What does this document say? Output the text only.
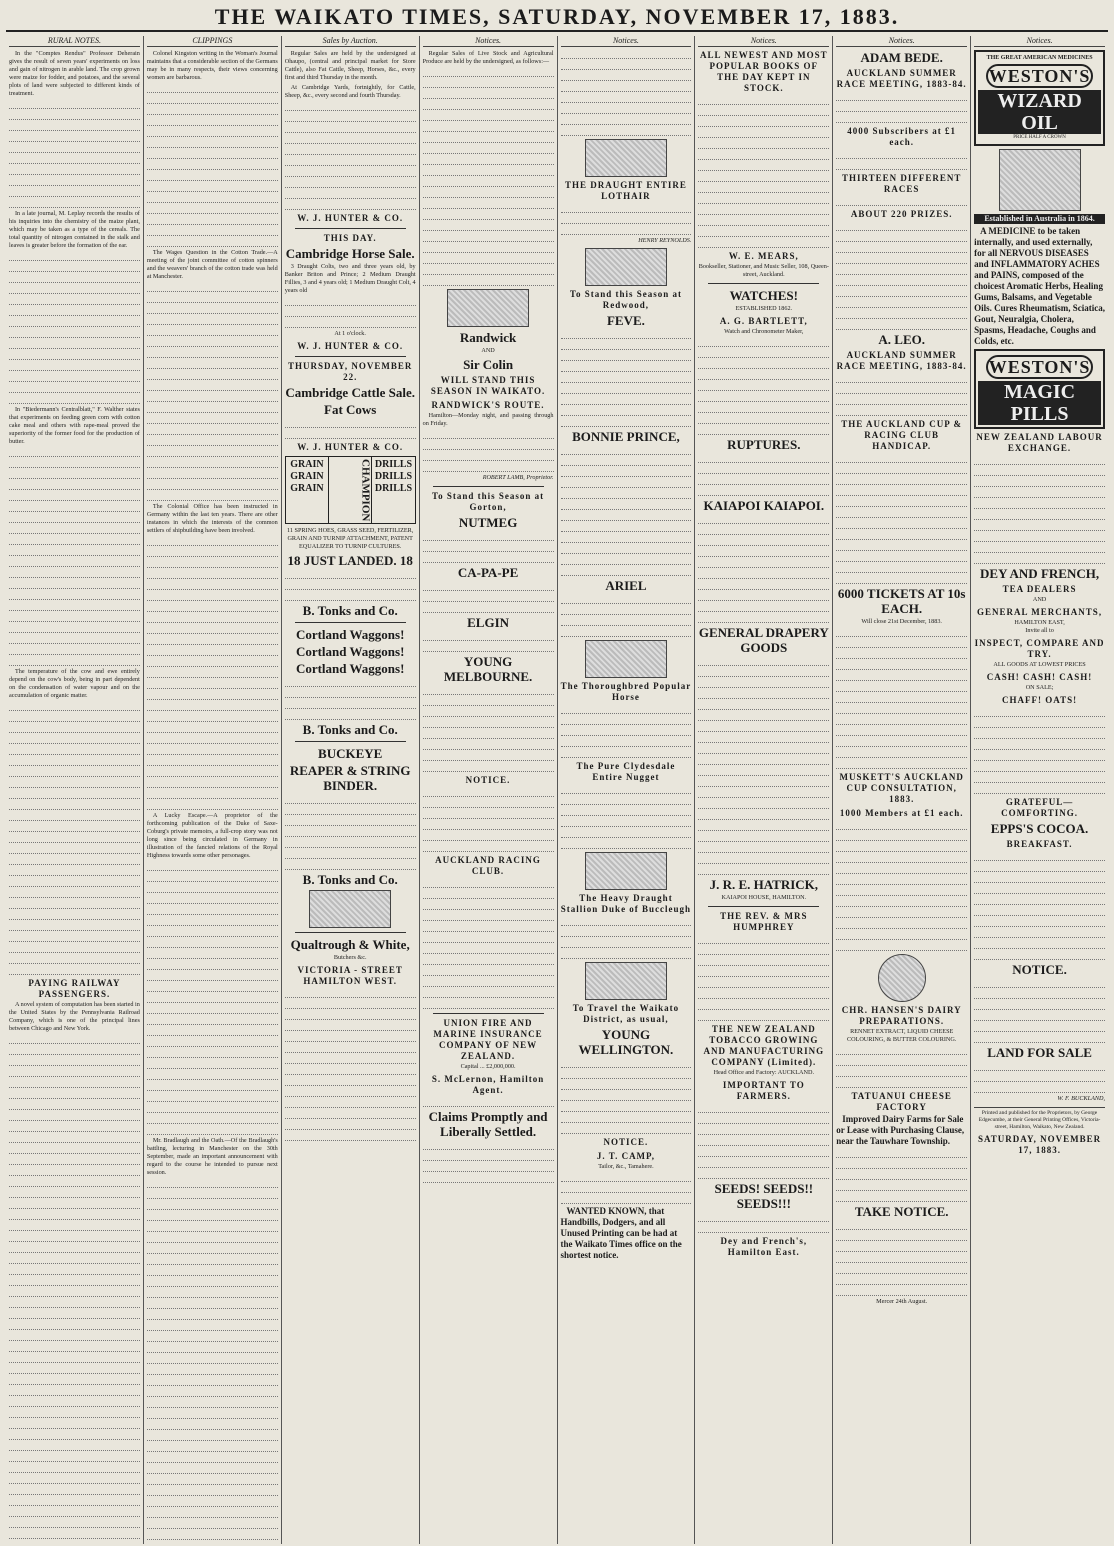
THE WAIKATO TIMES, SATURDAY, NOVEMBER 17, 1883.
RURAL NOTES.

In the "Comptes Rendus" Professor Deherain gives the result of seven years' experiments on loss and gain of nitrogen in arable land. The crop grown were maize for fodder, and potatoes, and the several plots of land were subjected to different kinds of treatment.

In a late journal, M. Leplay records the results of his inquiries into the chemistry of the maize plant, which may be taken as a type of the cereals. The total quantity of nitrogen contained in the stalk and leaves is greater before the formation of the ear.

In "Biedermann's Centralblatt," F. Walther states that experiments on feeding green corn with cotton cake meal and others with rape-meal proved the superiority of the former food for the production of butter.

The temperature of the cow and ewe entirely depend on the cow's body, being in part dependent on the condensation of water vapour and on the accumulation of organic matter.

PAYING RAILWAY PASSENGERS.

A novel system of computation has been started in the United States by the Pennsylvania Railroad Company, which is one of the principal lines between Chicago and New York.

CLIPPINGS

Colonel Kingston writing in the Woman's Journal maintains that a considerable section of the Germans may be in many respects, their views concerning women are barbarous.

The Wages Question in the Cotton Trade.—A meeting of the joint committee of cotton spinners and the weavers' branch of the cotton trade was held at Manchester.

The Colonial Office has been instructed in Germany within the last ten years. There are other instances in which the interests of the common settlers of shipbuilding have been involved.

A Lucky Escape.—A proprietor of the forthcoming publication of the Duke of Saxe-Coburg's private memoirs, a full-crop story was not long since being circulated in Germany in illustration of the fancied relations of the Royal Highness towards some other personages.

Mr. Bradlaugh and the Oath.—Of the Bradlaugh's battling, lecturing in Manchester on the 30th September, made an important announcement with regard to the course he intended to pursue next session.

Sales by Auction.

Regular Sales are held by the undersigned at Ohaupo, (central and principal market for Store Cattle), also Fat Cattle, Sheep, Horses, &c., every first and third Thursday in the month.

At Cambridge Yards, fortnightly, for Cattle, Sheep, &c., every second and fourth Thursday.

W. J. HUNTER & CO.
THIS DAY.
Cambridge Horse Sale.

3 Draught Colts, two and three years old, by Banker Briton and Prince; 2 Medium Draught Fillies, 3 and 4 years old; 1 Medium Draught Colt, 4 years old

At 1 o'clock.
W. J. HUNTER & CO.
THURSDAY, NOVEMBER 22.
Cambridge Cattle Sale.
Fat Cows
W. J. HUNTER & CO.
GRAIN GRAIN GRAIN	CHAMPION DRILLS DRILLS DRILLS

11 SPRING HOES, GRASS SEED, FERTILIZER, GRAIN AND TURNIP ATTACHMENT, PATENT EQUALIZER TO TURNIP CULTURES.

18 JUST LANDED. 18
B. Tonks and Co.
Cortland Waggons!
Cortland Waggons!
Cortland Waggons!
B. Tonks and Co.
BUCKEYE
REAPER & STRING BINDER.
B. Tonks and Co.
Qualtrough & White,
Butchers &c.
VICTORIA - STREET HAMILTON WEST.
Notices.

Regular Sales of Live Stock and Agricultural Produce are held by the undersigned, as follows:—

Randwick
AND
Sir Colin
WILL STAND THIS SEASON IN WAIKATO.
RANDWICK'S ROUTE.

Hamilton—Monday night, and passing through on Friday.

ROBERT LAMB, Proprietor.
To Stand this Season at Gorton,
NUTMEG
CA-PA-PE
ELGIN
YOUNG MELBOURNE.
NOTICE.
AUCKLAND RACING CLUB.
UNION FIRE AND MARINE INSURANCE COMPANY OF NEW ZEALAND.
Capital ... £2,000,000.
S. McLernon, Hamilton Agent.
Claims Promptly and Liberally Settled.
Notices.
THE DRAUGHT ENTIRE LOTHAIR
HENRY REYNOLDS.
To Stand this Season at Redwood,
FEVE.
BONNIE PRINCE,
ARIEL
The Thoroughbred Popular Horse
The Pure Clydesdale Entire Nugget
The Heavy Draught Stallion Duke of Buccleugh
To Travel the Waikato District, as usual,
YOUNG WELLINGTON.
NOTICE.
J. T. CAMP,
Tailor, &c., Tamahere.

WANTED KNOWN, that Handbills, Dodgers, and all Unused Printing can be had at the Waikato Times office on the shortest notice.

Notices.
ALL NEWEST AND MOST POPULAR BOOKS OF THE DAY KEPT IN STOCK.
W. E. MEARS,
Bookseller, Stationer, and Music Seller, 108, Queen-street, Auckland.
WATCHES!
ESTABLISHED 1862.
A. G. BARTLETT,
Watch and Chronometer Maker,
RUPTURES.
KAIAPOI KAIAPOI.
GENERAL DRAPERY GOODS
J. R. E. HATRICK,
KAIAPOI HOUSE, HAMILTON.
THE REV. & MRS HUMPHREY
THE NEW ZEALAND TOBACCO GROWING AND MANUFACTURING COMPANY (Limited).
Head Office and Factory: AUCKLAND.
IMPORTANT TO FARMERS.
SEEDS! SEEDS!! SEEDS!!!
Dey and French's, Hamilton East.
Notices.
ADAM BEDE.
AUCKLAND SUMMER RACE MEETING, 1883-84.
4000 Subscribers at £1 each.
THIRTEEN DIFFERENT RACES
ABOUT 220 PRIZES.
A. LEO.
AUCKLAND SUMMER RACE MEETING, 1883-84.
THE AUCKLAND CUP & RACING CLUB HANDICAP.
6000 TICKETS AT 10s EACH.
Will close 21st December, 1883.
MUSKETT'S AUCKLAND CUP CONSULTATION, 1883.
1000 Members at £1 each.
CHR. HANSEN'S DAIRY PREPARATIONS.

RENNET EXTRACT, LIQUID CHEESE COLOURING, & BUTTER COLOURING.

TATUANUI CHEESE FACTORY

Improved Dairy Farms for Sale or Lease with Purchasing Clause, near the Tauwhare Township.

TAKE NOTICE.
Mercer 24th August.
Notices.
THE GREAT AMERICAN MEDICINES
WESTON'S
WIZARD OIL
PRICE HALF A CROWN
Established in Australia in 1864.

A MEDICINE to be taken internally, and used externally, for all NERVOUS DISEASES and INFLAMMATORY ACHES and PAINS, composed of the choicest Aromatic Herbs, Healing Gums, Balsams, and Vegetable Oils. Cures Rheumatism, Sciatica, Gout, Neuralgia, Cholera, Spasms, Headache, Coughs and Colds, etc.

WESTON'S
MAGIC PILLS
NEW ZEALAND LABOUR EXCHANGE.
DEY AND FRENCH,
TEA DEALERS
AND
GENERAL MERCHANTS,
HAMILTON EAST,
Invite all to
INSPECT, COMPARE AND TRY.
ALL GOODS AT LOWEST PRICES
CASH! CASH! CASH!
ON SALE;
CHAFF! OATS!
GRATEFUL—COMFORTING.
EPPS'S COCOA.
BREAKFAST.
NOTICE.
LAND FOR SALE
W. F. BUCKLAND,
Printed and published for the Proprietors, by George Edgecumbe, at their General Printing Offices, Victoria-street, Hamilton, Waikato, New Zealand.
SATURDAY, NOVEMBER 17, 1883.
